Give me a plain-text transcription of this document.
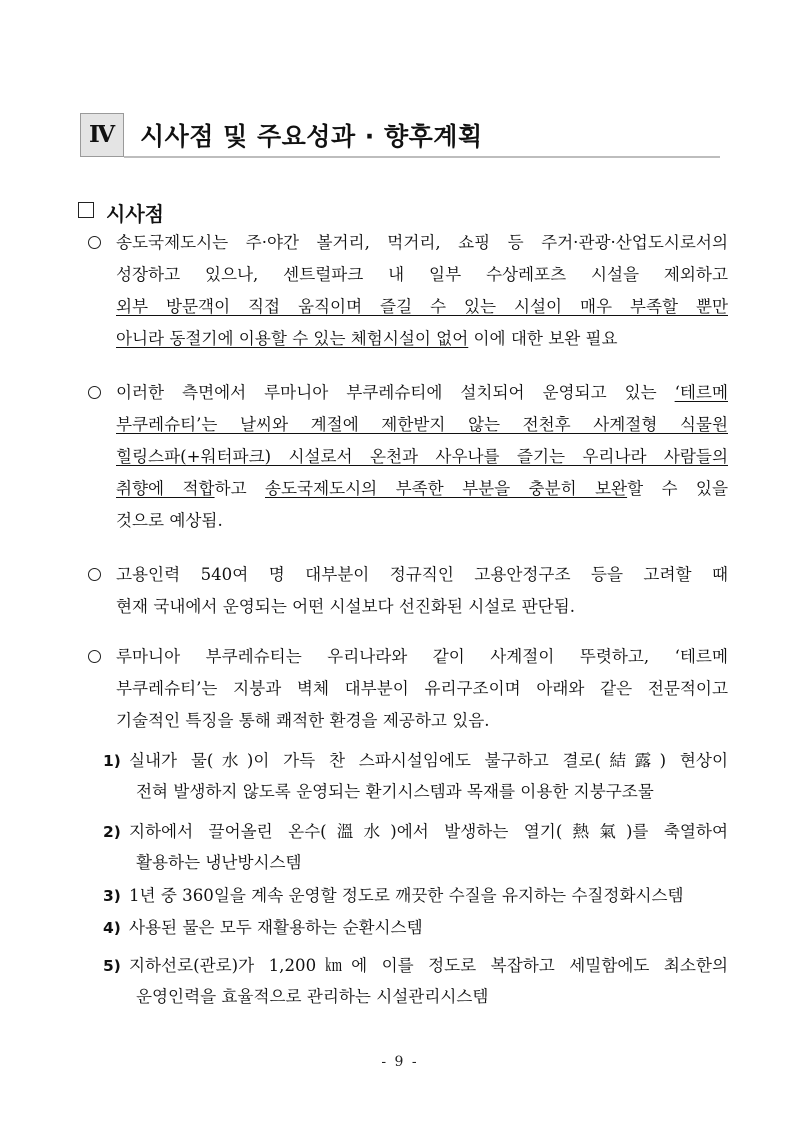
Ⅳ 시사점 및 주요성과 · 향후계획
시사점
송도국제도시는 주·야간 볼거리, 먹거리, 쇼핑 등 주거·관광·산업도시로서의
성장하고 있으나, 센트럴파크 내 일부 수상레포츠 시설을 제외하고
외부 방문객이 직접 움직이며 즐길 수 있는 시설이 매우 부족할 뿐만
아니라 동절기에 이용할 수 있는 체험시설이 없어 이에 대한 보완 필요
이러한 측면에서 루마니아 부쿠레슈티에 설치되어 운영되고 있는 ‘테르메
부쿠레슈티’는 날씨와 계절에 제한받지 않는 전천후 사계절형 식물원
힐링스파(+워터파크) 시설로서 온천과 사우나를 즐기는 우리나라 사람들의
취향에 적합하고 송도국제도시의 부족한 부분을 충분히 보완할 수 있을
것으로 예상됨.
고용인력 540여 명 대부분이 정규직인 고용안정구조 등을 고려할 때
현재 국내에서 운영되는 어떤 시설보다 선진화된 시설로 판단됨.
루마니아 부쿠레슈티는 우리나라와 같이 사계절이 뚜렷하고, ‘테르메
부쿠레슈티’는 지붕과 벽체 대부분이 유리구조이며 아래와 같은 전문적이고
기술적인 특징을 통해 쾌적한 환경을 제공하고 있음.
1) 실내가 물(水)이 가득 찬 스파시설임에도 불구하고 결로(結露) 현상이
전혀 발생하지 않도록 운영되는 환기시스템과 목재를 이용한 지붕구조물
2) 지하에서 끌어올린 온수(溫水)에서 발생하는 열기(熱氣)를 축열하여
활용하는 냉난방시스템
3) 1년 중 360일을 계속 운영할 정도로 깨끗한 수질을 유지하는 수질정화시스템
4) 사용된 물은 모두 재활용하는 순환시스템
5) 지하선로(관로)가 1,200㎞에 이를 정도로 복잡하고 세밀함에도 최소한의
운영인력을 효율적으로 관리하는 시설관리시스템
- 9 -
